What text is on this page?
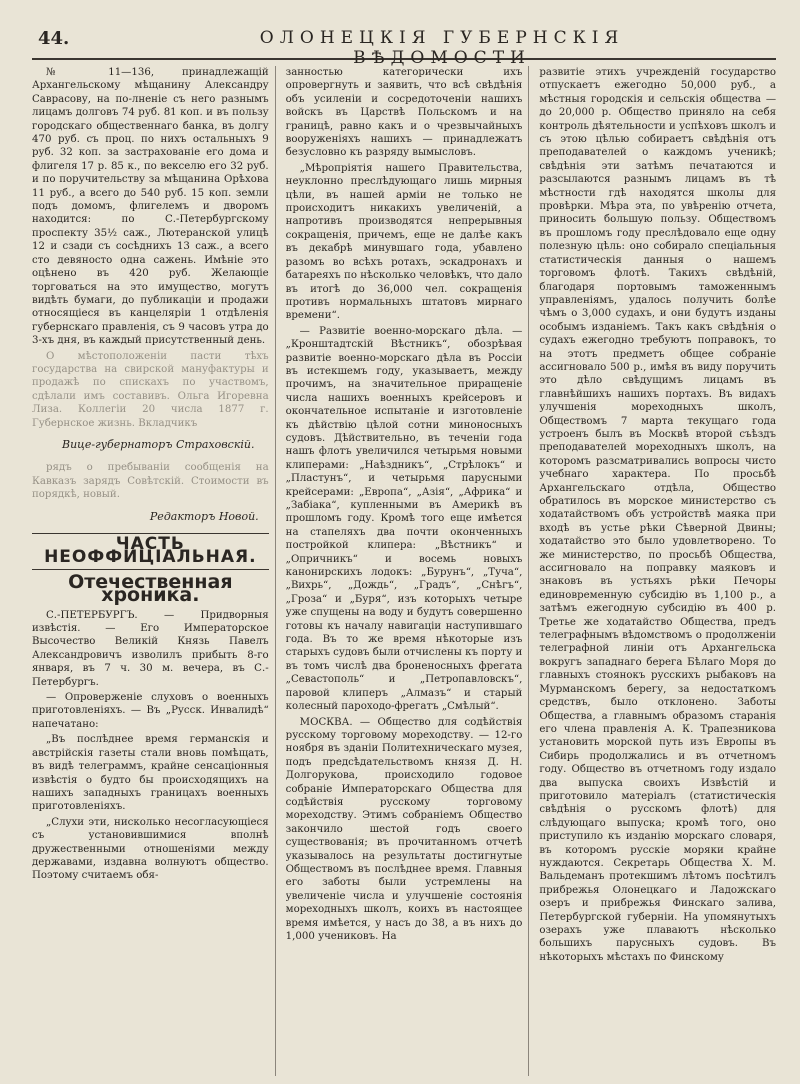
44.	ОЛОНЕЦКІЯ ГУБЕРНСКІЯ ВѢДОМОСТИ

№ 11—136, принадлежащій Архангельскому мѣщанину Александру Саврасову, на по-лненіе съ него разнымъ лицамъ долговъ 74 руб. 81 коп. и въ пользу городскаго общественнаго банка, въ долгу 470 руб. съ проц. по нихъ остальныхъ 9 руб. 32 коп. за застрахованіе его дома и флигеля 17 р. 85 к., по векселю его 32 руб. и по поручительству за мѣщанина Орѣхова 11 руб., а всего до 540 руб. 15 коп. земли подъ домомъ, флигелемъ и дворомъ находится: по С.-Петербургскому проспекту 35½ саж., Лютеранской улицѣ 12 и сзади съ сосѣднихъ 13 саж., а всего сто девяносто одна сажень. Имѣніе это оцѣнено въ 420 руб. Желающіе торговаться на это имущество, могутъ видѣть бумаги, до публикаціи и продажи относящіеся въ канцеляріи 1 отдѣленія губернскаго правленія, съ 9 часовъ утра до 3-хъ дня, въ каждый присутственный день.

О мѣстоположеніи пасти тѣхъ государства на свирской мануфактуры и продажѣ по спискахъ по участвомъ, сдѣлали имъ составивъ. Ольга Игоревна Лиза. Коллегіи 20 числа 1877 г. Губернское жизнь. Вкладчикъ

Вице-губернаторъ Страховскій.

рядъ о пребываніи сообщенія на Кавказъ зарядъ Совѣтскій. Стоимости въ порядкѣ, новый.

Редакторъ Новой.
ЧАСТЬ НЕОФФИЦІАЛЬНАЯ.
Отечественная хроника.

С.-ПЕТЕРБУРГЪ. — Придворныя извѣстія. — Его Императорское Высочество Великій Князь Павелъ Александровичъ изволилъ прибыть 8-го января, въ 7 ч. 30 м. вечера, въ С.-Петербургъ.

— Опроверженіе слуховъ о военныхъ приготовленіяхъ. — Въ „Русск. Инвалидѣ“ напечатано:

„Въ послѣднее время германскія и австрійскія газеты стали вновь помѣщать, въ видѣ телеграммъ, крайне сенсаціонныя извѣстія о будто бы происходящихъ на нашихъ западныхъ границахъ военныхъ приготовленіяхъ.

„Слухи эти, нисколько несогласующіеся съ установившимися вполнѣ дружественными отношеніями между державами, издавна волнуютъ общество. Поэтому считаемъ обя-

занностью категорически ихъ опровергнуть и заявить, что всѣ свѣдѣнія объ усиленіи и сосредоточеніи нашихъ войскъ въ Царствѣ Польскомъ и на границѣ, равно какъ и о чрезвычайныхъ вооруженіяхъ нашихъ — принадлежатъ безусловно къ разряду вымысловъ.

„Мѣропріятія нашего Правительства, неуклонно преслѣдующаго лишь мирныя цѣли, въ нашей арміи не только не происходитъ никакихъ увеличеній, а напротивъ производятся непрерывныя сокращенія, причемъ, еще не далѣе какъ въ декабрѣ минувшаго года, убавлено разомъ во всѣхъ ротахъ, эскадронахъ и батареяхъ по нѣсколько человѣкъ, что дало въ итогѣ до 36,000 чел. сокращенія противъ нормальныхъ штатовъ мирнаго времени“.

— Развитіе военно-морскаго дѣла. — „Кронштадтскій Вѣстникъ“, обозрѣвая развитіе военно-морскаго дѣла въ Россіи въ истекшемъ году, указываетъ, между прочимъ, на значительное приращеніе числа нашихъ военныхъ крейсеровъ и окончательное испытаніе и изготовленіе къ дѣйствію цѣлой сотни миноносныхъ судовъ. Дѣйствительно, въ теченіи года нашъ флотъ увеличился четырьмя новыми клиперами: „Наѣздникъ“, „Стрѣлокъ“ и „Пластунъ“, и четырьмя парусными крейсерами: „Европа“, „Азія“, „Африка“ и „Забіака“, купленными въ Америкѣ въ прошломъ году. Кромѣ того еще имѣется на стапеляхъ два почти оконченныхъ постройкой клипера: „Вѣстникъ“ и „Опричникъ“ и восемь новыхъ канонирскихъ лодокъ: „Бурунъ“, „Туча“, „Вихрь“, „Дождь“, „Градъ“, „Снѣгъ“, „Гроза“ и „Буря“, изъ которыхъ четыре уже спущены на воду и будутъ совершенно готовы къ началу навигаціи наступившаго года. Въ то же время нѣкоторые изъ старыхъ судовъ были отчислены къ порту и въ томъ числѣ два броненосныхъ фрегата „Севастополь“ и „Петропавловскъ“, паровой клиперъ „Алмазъ“ и старый колесный пароходо-фрегатъ „Смѣлый“.

МОСКВА. — Общество для содѣйствія русскому торговому мореходству. — 12-го ноября въ зданіи Политехническаго музея, подъ предсѣдательствомъ князя Д. Н. Долгорукова, происходило годовое собраніе Императорскаго Общества для содѣйствія русскому торговому мореходству. Этимъ собраніемъ Общество закончило шестой годъ своего существованія; въ прочитанномъ отчетѣ указывалось на результаты достигнутые Обществомъ въ послѣднее время. Главныя его заботы были устремлены на увеличеніе числа и улучшеніе состоянія мореходныхъ школъ, коихъ въ настоящее время имѣется, у насъ до 38, а въ нихъ до 1,000 учениковъ. На

развитіе этихъ учрежденій государство отпускаетъ ежегодно 50,000 руб., а мѣстныя городскія и сельскія общества — до 20,000 р. Общество приняло на себя контроль дѣятельности и успѣховъ школъ и съ этою цѣлью собираетъ свѣдѣнія отъ преподавателей о каждомъ ученикѣ; свѣдѣнія эти затѣмъ печатаются и разсылаются разнымъ лицамъ въ тѣ мѣстности гдѣ находятся школы для провѣрки. Мѣра эта, по увѣренію отчета, приносить большую пользу. Обществомъ въ прошломъ году преслѣдовало еще одну полезную цѣль: оно собирало спеціальныя статистическія данныя о нашемъ торговомъ флотѣ. Такихъ свѣдѣній, благодаря портовымъ таможеннымъ управленіямъ, удалось получить болѣе чѣмъ о 3,000 судахъ, и они будутъ изданы особымъ изданіемъ. Такъ какъ свѣдѣнія о судахъ ежегодно требуютъ поправокъ, то на этотъ предметъ общее собраніе ассигновало 500 р., имѣя въ виду поручить это дѣло свѣдущимъ лицамъ въ главнѣйшихъ нашихъ портахъ. Въ видахъ улучшенія мореходныхъ школъ, Обществомъ 7 марта текущаго года устроенъ былъ въ Москвѣ второй съѣздъ преподавателей мореходныхъ школъ, на которомъ разсматривались вопросы чисто учебнаго характера. По просьбѣ Архангельскаго отдѣла, Общество обратилось въ морское министерство съ ходатайствомъ объ устройствѣ маяка при входѣ въ устье рѣки Сѣверной Двины; ходатайство это было удовлетворено. То же министерство, по просьбѣ Общества, ассигновало на поправку маяковъ и знаковъ въ устьяхъ рѣки Печоры единовременную субсидію въ 1,100 р., а затѣмъ ежегодную субсидію въ 400 р. Третье же ходатайство Общества, предъ телеграфнымъ вѣдомствомъ о продолженіи телеграфной линіи отъ Архангельска вокругъ западнаго берега Бѣлаго Моря до главныхъ стоянокъ русскихъ рыбаковъ на Мурманскомъ берегу, за недостаткомъ средствъ, было отклонено. Заботы Общества, а главнымъ образомъ старанія его члена правленія А. К. Трапезникова установить морской путь изъ Европы въ Сибирь продолжались и въ отчетномъ году. Общество въ отчетномъ году издало два выпуска своихъ Извѣстій и приготовило матеріалъ (статистическія свѣдѣнія о русскомъ флотѣ) для слѣдующаго выпуска; кромѣ того, оно приступило къ изданію морскаго словаря, въ которомъ русскіе моряки крайне нуждаются. Секретарь Общества Х. М. Вальдеманъ протекшимъ лѣтомъ посѣтилъ прибрежья Олонецкаго и Ладожскаго озеръ и прибрежья Финскаго залива, Петербургской губерніи. На упомянутыхъ озерахъ уже плаваютъ нѣсколько большихъ парусныхъ судовъ. Въ нѣкоторыхъ мѣстахъ по Финскому
